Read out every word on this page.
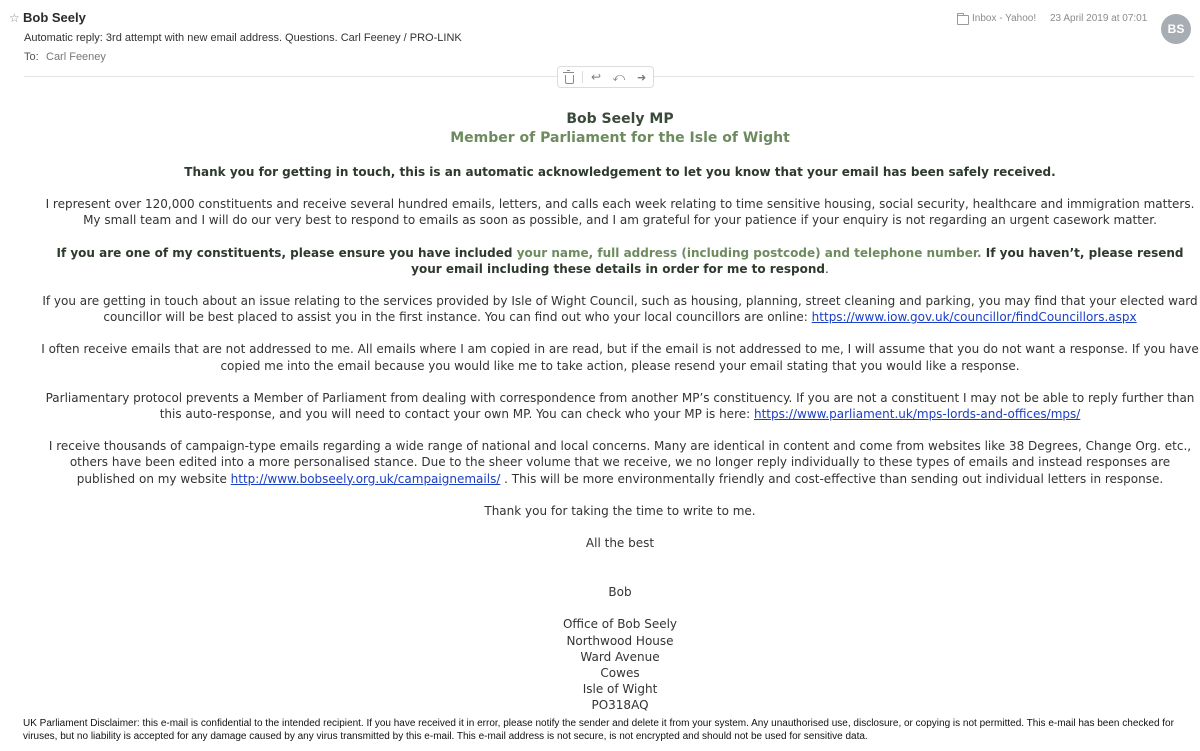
☆ Bob Seely
Automatic reply: 3rd attempt with new email address. Questions. Carl Feeney / PRO-LINK
To: Carl Feeney
Inbox - Yahoo! 23 April 2019 at 07:01
BS
↩ ⤺ ➜

Bob Seely MP

Member of Parliament for the Isle of Wight

Thank you for getting in touch, this is an automatic acknowledgement to let you know that your email has been safely received.

I represent over 120,000 constituents and receive several hundred emails, letters, and calls each week relating to time sensitive housing, social security, healthcare and immigration matters.
My small team and I will do our very best to respond to emails as soon as possible, and I am grateful for your patience if your enquiry is not regarding an urgent casework matter.

If you are one of my constituents, please ensure you have included your name, full address (including postcode) and telephone number. If you haven’t, please resend your email including these details in order for me to respond.

If you are getting in touch about an issue relating to the services provided by Isle of Wight Council, such as housing, planning, street cleaning and parking, you may find that your elected ward councillor will be best placed to assist you in the first instance. You can find out who your local councillors are online: https://www.iow.gov.uk/councillor/findCouncillors.aspx

I often receive emails that are not addressed to me. All emails where I am copied in are read, but if the email is not addressed to me, I will assume that you do not want a response. If you have copied me into the email because you would like me to take action, please resend your email stating that you would like a response.

Parliamentary protocol prevents a Member of Parliament from dealing with correspondence from another MP’s constituency. If you are not a constituent I may not be able to reply further than this auto-response, and you will need to contact your own MP. You can check who your MP is here: https://www.parliament.uk/mps-lords-and-offices/mps/

I receive thousands of campaign-type emails regarding a wide range of national and local concerns. Many are identical in content and come from websites like 38 Degrees, Change Org. etc., others have been edited into a more personalised stance. Due to the sheer volume that we receive, we no longer reply individually to these types of emails and instead responses are published on my website http://www.bobseely.org.uk/campaignemails/ . This will be more environmentally friendly and cost-effective than sending out individual letters in response.

Thank you for taking the time to write to me.

All the best

Bob

Office of Bob Seely

Northwood House

Ward Avenue

Cowes

Isle of Wight

PO318AQ

UK Parliament Disclaimer: this e-mail is confidential to the intended recipient. If you have received it in error, please notify the sender and delete it from your system. Any unauthorised use, disclosure, or copying is not permitted. This e-mail has been checked for viruses, but no liability is accepted for any damage caused by any virus transmitted by this e-mail. This e-mail address is not secure, is not encrypted and should not be used for sensitive data.
